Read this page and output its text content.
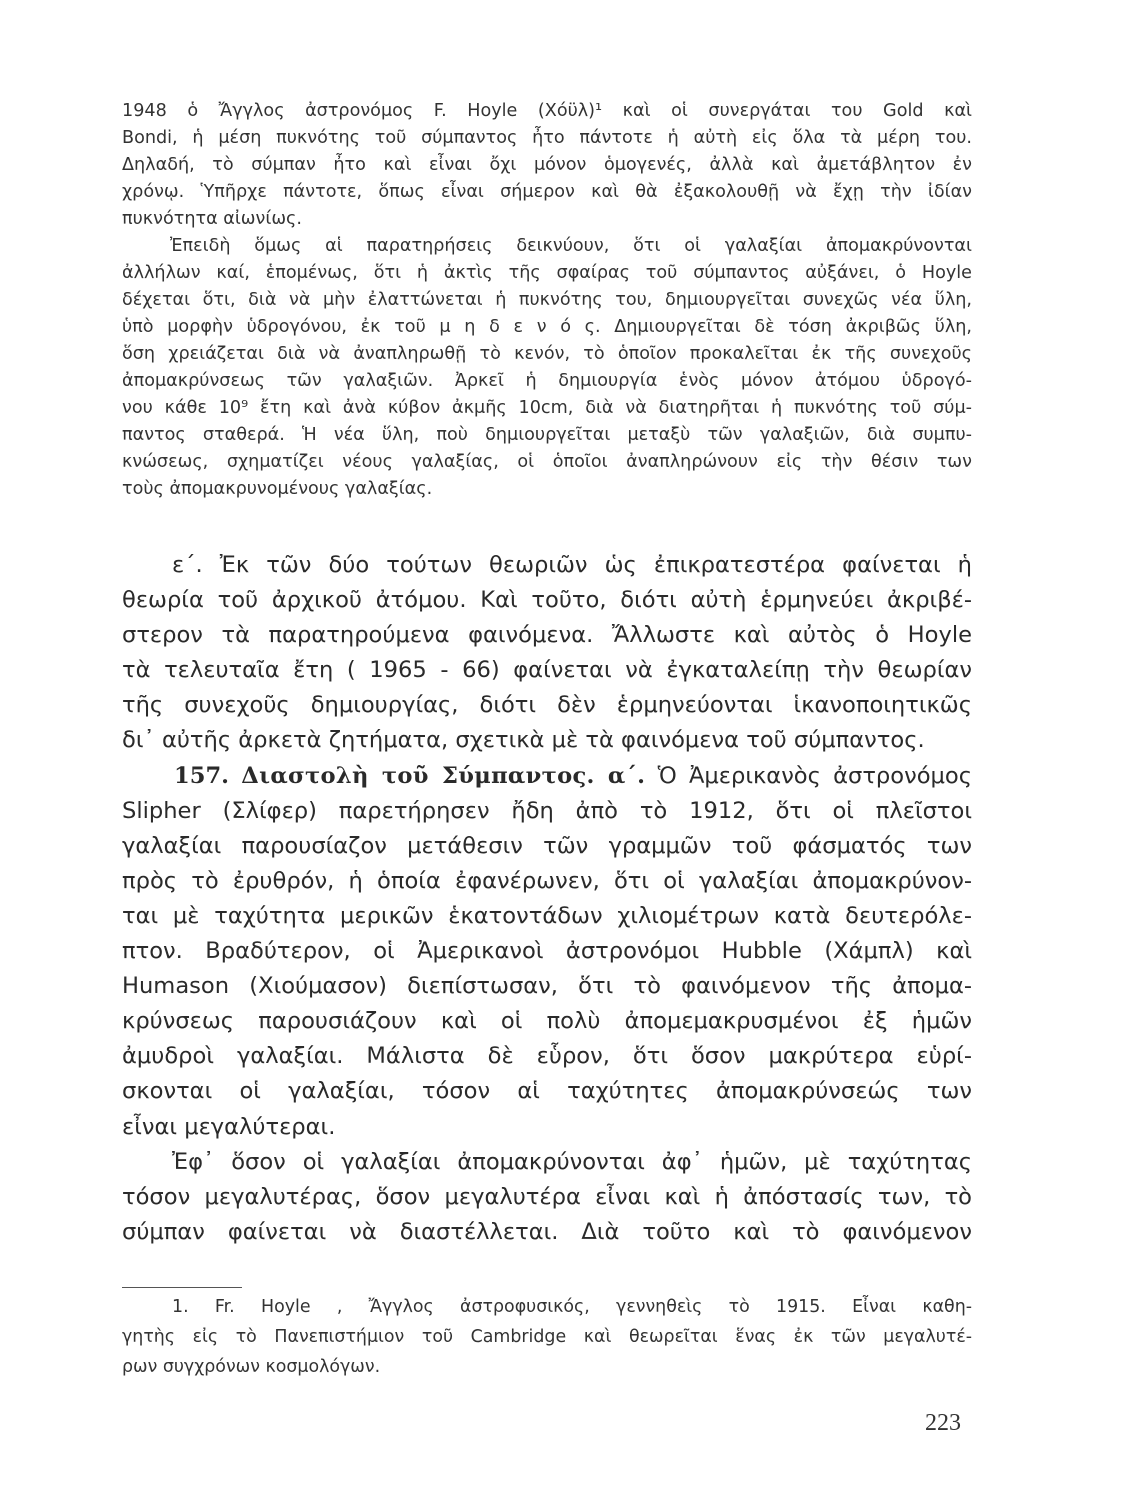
1948 ὁ Ἄγγλος ἀστρονόμος F. Hoyle (Χόϋλ)¹ καὶ οἱ συνεργάται του Gold καὶ
Bondi, ἡ μέση πυκνότης τοῦ σύμπαντος ἦτο πάντοτε ἡ αὐτὴ εἰς ὅλα τὰ μέρη του.
Δηλαδή, τὸ σύμπαν ἦτο καὶ εἶναι ὄχι μόνον ὁμογενές, ἀλλὰ καὶ ἀμετάβλητον ἐν
χρόνῳ. Ὑπῆρχε πάντοτε, ὅπως εἶναι σήμερον καὶ θὰ ἐξακολουθῇ νὰ ἔχῃ τὴν ἰδίαν
πυκνότητα αἰωνίως.
Ἐπειδὴ ὅμως αἱ παρατηρήσεις δεικνύουν, ὅτι οἱ γαλαξίαι ἀπομακρύνονται
ἀλλήλων καί, ἑπομένως, ὅτι ἡ ἀκτὶς τῆς σφαίρας τοῦ σύμπαντος αὐξάνει, ὁ Hoyle
δέχεται ὅτι, διὰ νὰ μὴν ἐλαττώνεται ἡ πυκνότης του, δημιουργεῖται συνεχῶς νέα ὕλη,
ὑπὸ μορφὴν ὑδρογόνου, ἐκ τοῦ μ η δ ε ν ό ς. Δημιουργεῖται δὲ τόση ἀκριβῶς ὕλη,
ὅση χρειάζεται διὰ νὰ ἀναπληρωθῇ τὸ κενόν, τὸ ὁποῖον προκαλεῖται ἐκ τῆς συνεχοῦς
ἀπομακρύνσεως τῶν γαλαξιῶν. Ἀρκεῖ ἡ δημιουργία ἑνὸς μόνον ἀτόμου ὑδρογό-
νου κάθε 10⁹ ἔτη καὶ ἀνὰ κύβον ἀκμῆς 10cm, διὰ νὰ διατηρῆται ἡ πυκνότης τοῦ σύμ-
παντος σταθερά. Ἡ νέα ὕλη, ποὺ δημιουργεῖται μεταξὺ τῶν γαλαξιῶν, διὰ συμπυ-
κνώσεως, σχηματίζει νέους γαλαξίας, οἱ ὁποῖοι ἀναπληρώνουν εἰς τὴν θέσιν των
τοὺς ἀπομακρυνομένους γαλαξίας.
ε΄. Ἐκ τῶν δύο τούτων θεωριῶν ὡς ἐπικρατεστέρα φαίνεται ἡ
θεωρία τοῦ ἀρχικοῦ ἀτόμου. Καὶ τοῦτο, διότι αὐτὴ ἑρμηνεύει ἀκριβέ-
στερον τὰ παρατηρούμενα φαινόμενα. Ἄλλωστε καὶ αὐτὸς ὁ Hoyle
τὰ τελευταῖα ἔτη ( 1965 - 66) φαίνεται νὰ ἐγκαταλείπῃ τὴν θεωρίαν
τῆς συνεχοῦς δημιουργίας, διότι δὲν ἑρμηνεύονται ἱκανοποιητικῶς
δι᾽ αὐτῆς ἀρκετὰ ζητήματα, σχετικὰ μὲ τὰ φαινόμενα τοῦ σύμπαντος.
157. Διαστολὴ τοῦ Σύμπαντος. α΄. Ὁ Ἀμερικανὸς ἀστρονόμος
Slipher (Σλίφερ) παρετήρησεν ἤδη ἀπὸ τὸ 1912, ὅτι οἱ πλεῖστοι
γαλαξίαι παρουσίαζον μετάθεσιν τῶν γραμμῶν τοῦ φάσματός των
πρὸς τὸ ἐρυθρόν, ἡ ὁποία ἐφανέρωνεν, ὅτι οἱ γαλαξίαι ἀπομακρύνον-
ται μὲ ταχύτητα μερικῶν ἑκατοντάδων χιλιομέτρων κατὰ δευτερόλε-
πτον. Βραδύτερον, οἱ Ἀμερικανοὶ ἀστρονόμοι Hubble (Χάμπλ) καὶ
Humason (Χιούμασον) διεπίστωσαν, ὅτι τὸ φαινόμενον τῆς ἀπομα-
κρύνσεως παρουσιάζουν καὶ οἱ πολὺ ἀπομεμακρυσμένοι ἐξ ἡμῶν
ἀμυδροὶ γαλαξίαι. Μάλιστα δὲ εὗρον, ὅτι ὅσον μακρύτερα εὑρί-
σκονται οἱ γαλαξίαι, τόσον αἱ ταχύτητες ἀπομακρύνσεώς των
εἶναι μεγαλύτεραι.
Ἐφ᾽ ὅσον οἱ γαλαξίαι ἀπομακρύνονται ἀφ᾽ ἡμῶν, μὲ ταχύτητας
τόσον μεγαλυτέρας, ὅσον μεγαλυτέρα εἶναι καὶ ἡ ἀπόστασίς των, τὸ
σύμπαν φαίνεται νὰ διαστέλλεται. Διὰ τοῦτο καὶ τὸ φαινόμενον
1. Fr. Hoyle , Ἄγγλος ἀστροφυσικός, γεννηθεὶς τὸ 1915. Εἶναι καθη-
γητὴς εἰς τὸ Πανεπιστήμιον τοῦ Cambridge καὶ θεωρεῖται ἕνας ἐκ τῶν μεγαλυτέ-
ρων συγχρόνων κοσμολόγων.
223
